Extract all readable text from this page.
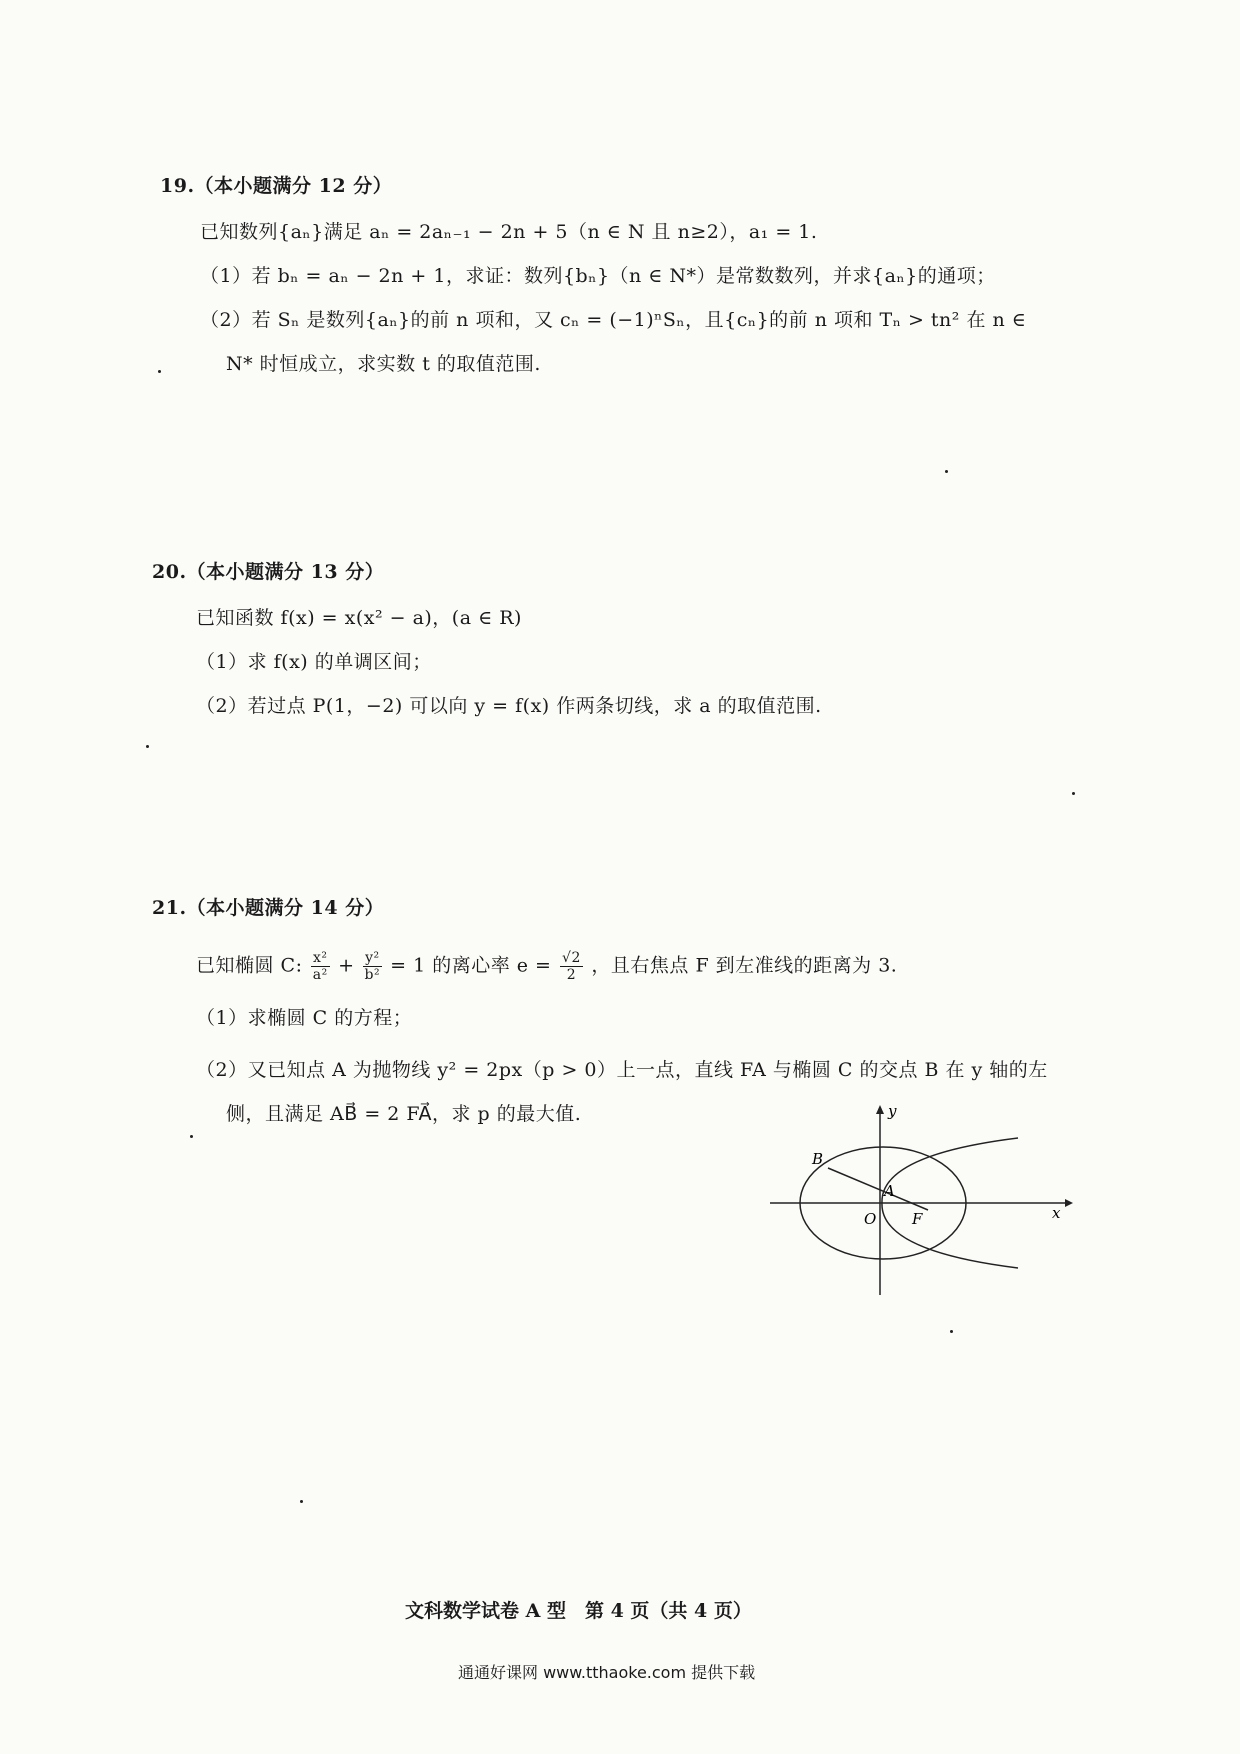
19.（本小题满分 12 分）
已知数列{aₙ}满足 aₙ = 2aₙ₋₁ − 2n + 5（n ∈ N 且 n≥2），a₁ = 1.
（1）若 bₙ = aₙ − 2n + 1，求证：数列{bₙ}（n ∈ N*）是常数数列，并求{aₙ}的通项；
（2）若 Sₙ 是数列{aₙ}的前 n 项和，又 cₙ = (−1)ⁿSₙ，且{cₙ}的前 n 项和 Tₙ > tn² 在 n ∈
N* 时恒成立，求实数 t 的取值范围.
20.（本小题满分 13 分）
已知函数 f(x) = x(x² − a)，(a ∈ R)
（1）求 f(x) 的单调区间；
（2）若过点 P(1，−2) 可以向 y = f(x) 作两条切线，求 a 的取值范围.
21.（本小题满分 14 分）
已知椭圆 C: $\frac{\text{x²}}{\text{a²}} + \frac{\text{y²}}{\text{b²}} = 1$ 的离心率 $e = \frac{√2}{2}$ ，且右焦点 F 到左准线的距离为 3.
（1）求椭圆 C 的方程；
（2）又已知点 A 为抛物线 y² = 2px（p > 0）上一点，直线 FA 与椭圆 C 的交点 B 在 y 轴的左
侧，且满足 AB⃗ = 2 FA⃗，求 p 的最大值.
B
A
O F	x
y
文科数学试卷 A 型　第 4 页（共 4 页）
通通好课网 www.tthaoke.com 提供下载
